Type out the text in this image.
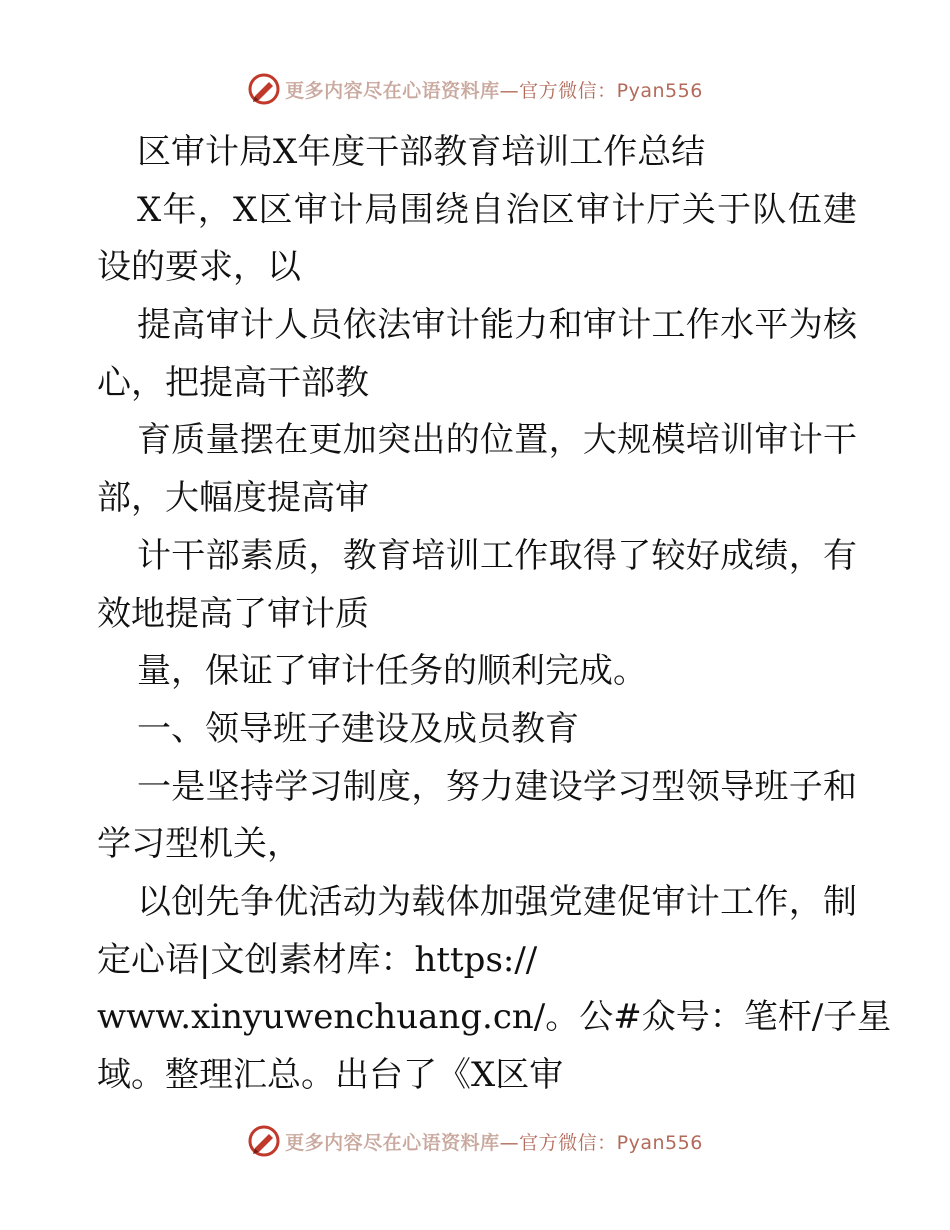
更多内容尽在心语资料库 —官方微信：Pyan556
区审计局X年度干部教育培训工作总结
X年，X区审计局围绕自治区审计厅关于队伍建
设的要求，以
提高审计人员依法审计能力和审计工作水平为核
心，把提高干部教
育质量摆在更加突出的位置，大规模培训审计干
部，大幅度提高审
计干部素质，教育培训工作取得了较好成绩，有
效地提高了审计质
量，保证了审计任务的顺利完成。
一、领导班子建设及成员教育
一是坚持学习制度，努力建设学习型领导班子和
学习型机关，
以创先争优活动为载体加强党建促审计工作，制
定心语|文创素材库：https://
www.xinyuwenchuang.cn/。公#众号：笔杆/子星
域。整理汇总。出台了《X区审
更多内容尽在心语资料库 —官方微信：Pyan556
